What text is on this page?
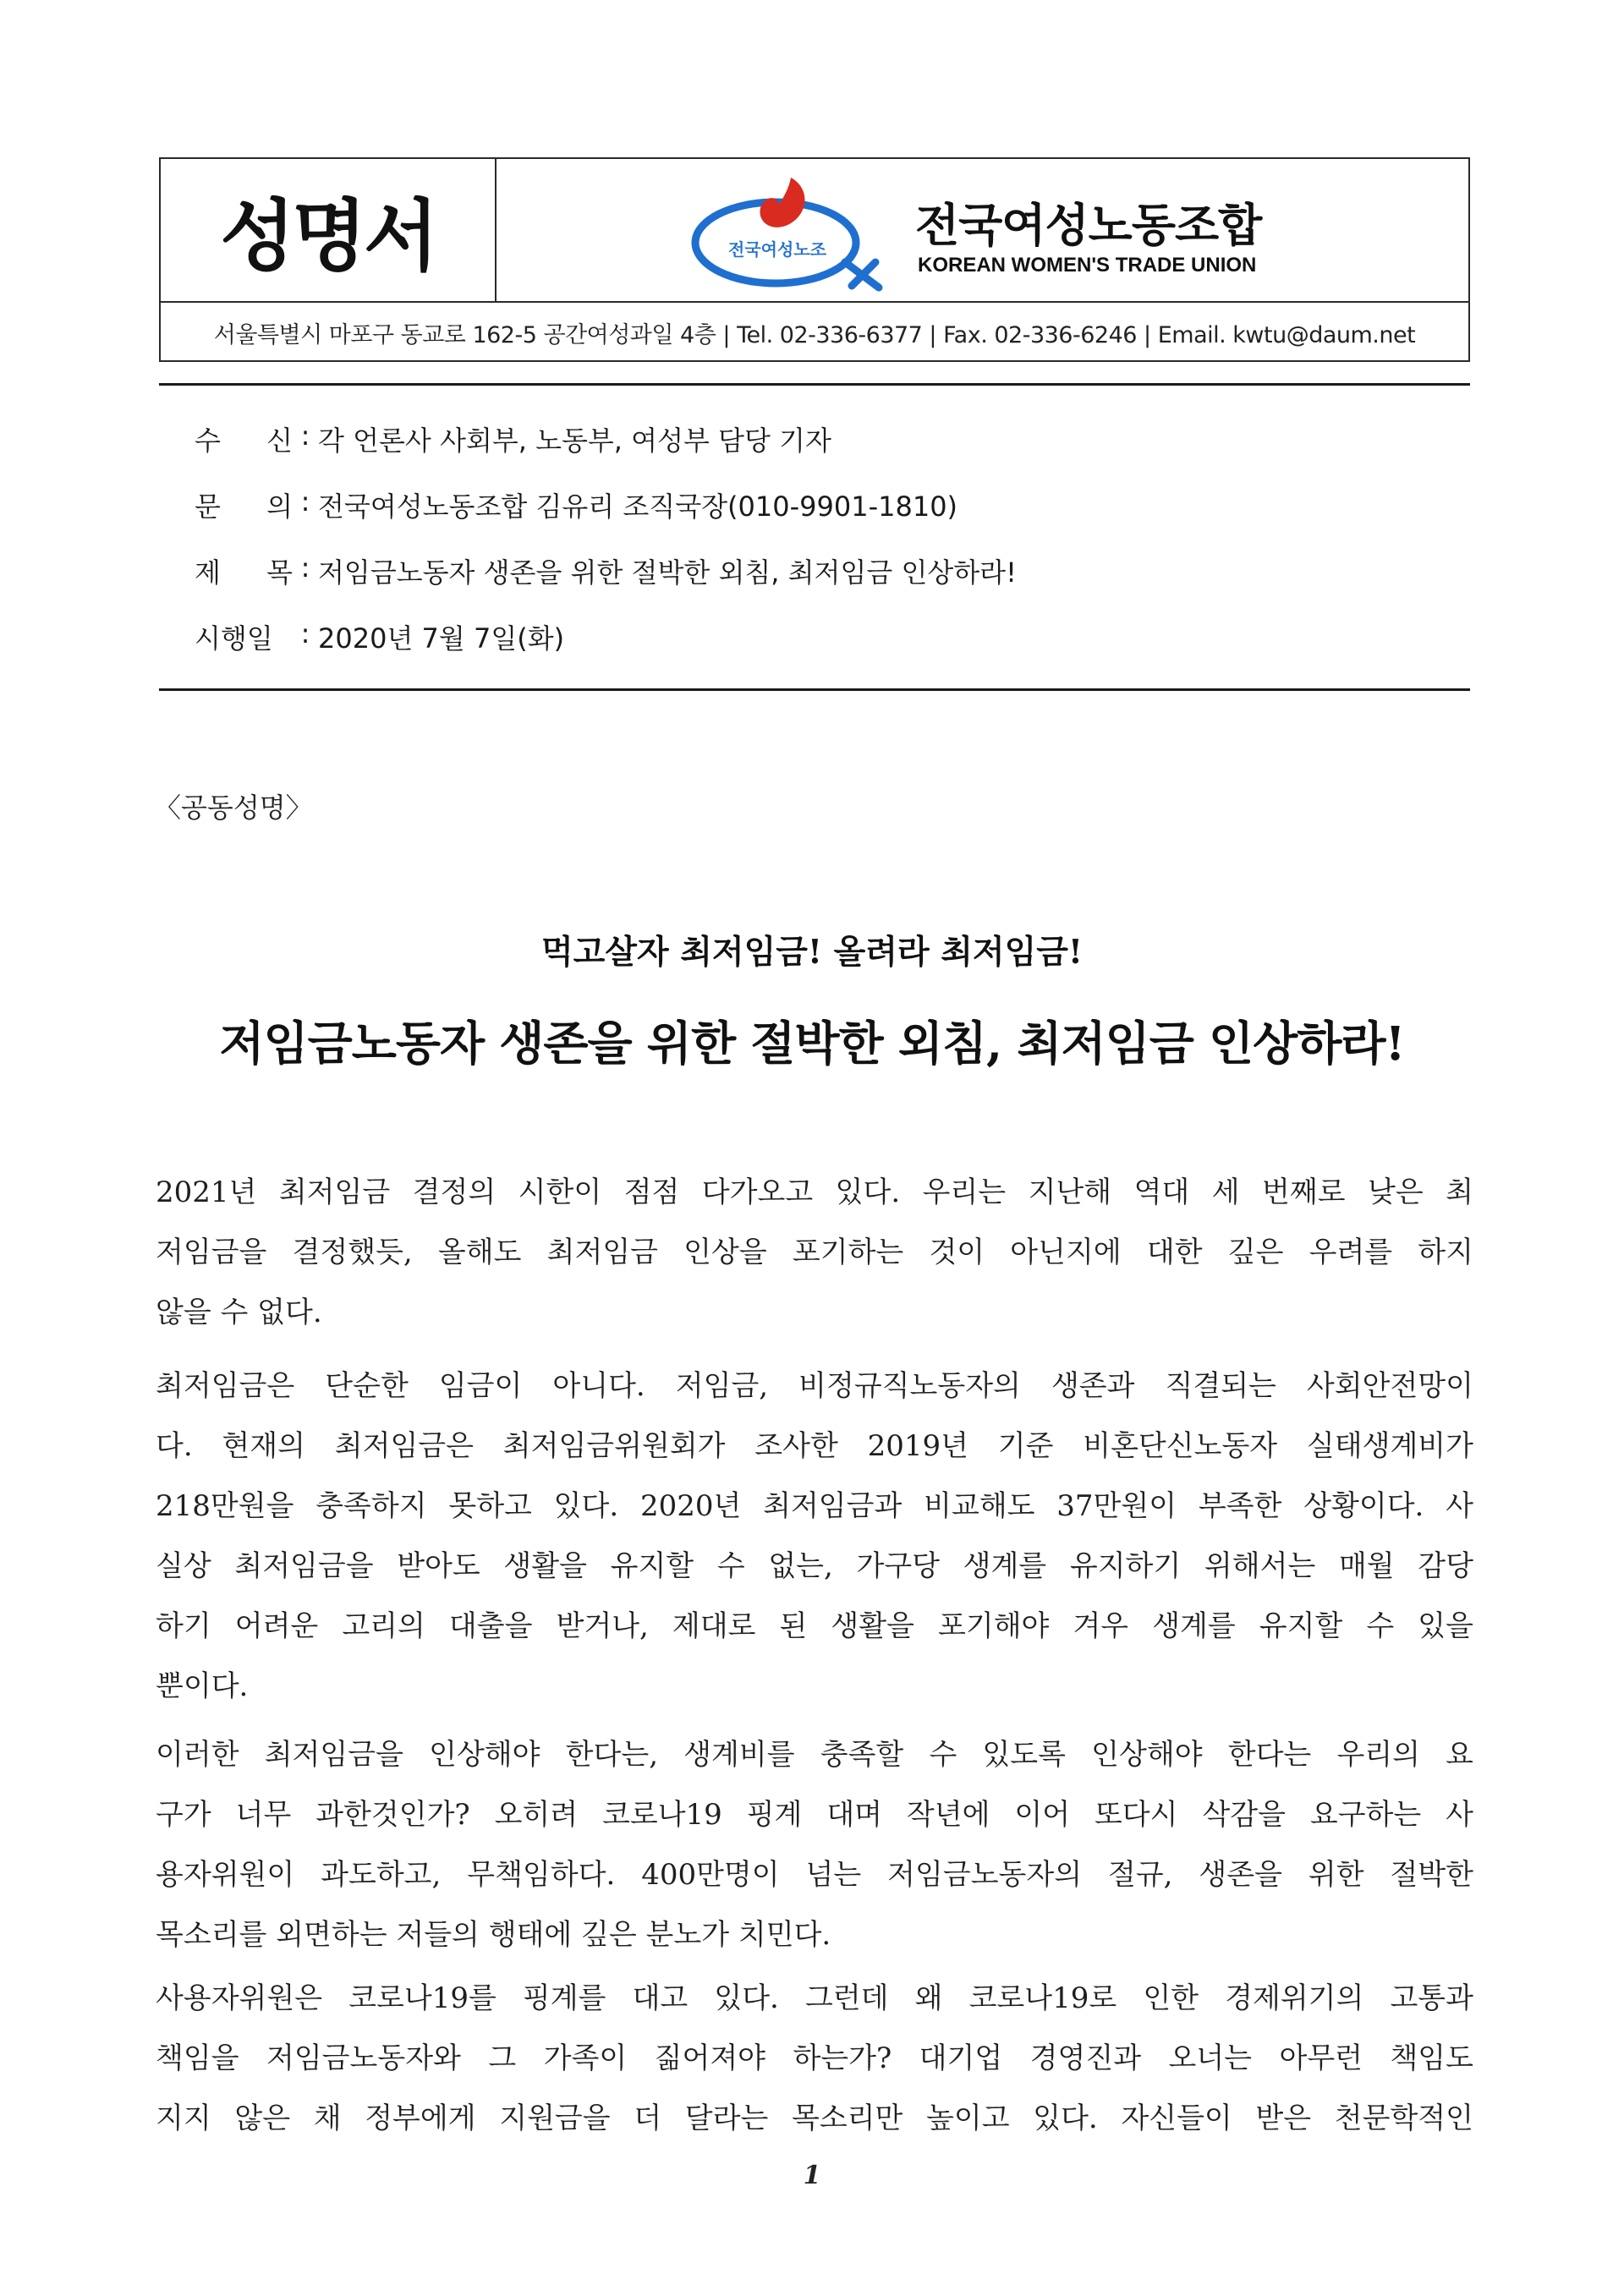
성명서	전국여성노조 전국여성노동조합
KOREAN WOMEN'S TRADE UNION
서울특별시 마포구 동교로 162-5 공간여성과일 4층 | Tel. 02-336-6377 | Fax. 02-336-6246 | Email. kwtu@daum.net
수 신 : 각 언론사 사회부, 노동부, 여성부 담당 기자
문 의 : 전국여성노동조합 김유리 조직국장(010-9901-1810)
제 목 : 저임금노동자 생존을 위한 절박한 외침, 최저임금 인상하라!
시행일	: 2020년 7월 7일(화)
〈공동성명〉
먹고살자 최저임금! 올려라 최저임금!
저임금노동자 생존을 위한 절박한 외침, 최저임금 인상하라!
2021년 최저임금 결정의 시한이 점점 다가오고 있다. 우리는 지난해 역대 세 번째로 낮은 최
저임금을 결정했듯, 올해도 최저임금 인상을 포기하는 것이 아닌지에 대한 깊은 우려를 하지
않을 수 없다.
최저임금은 단순한 임금이 아니다. 저임금, 비정규직노동자의 생존과 직결되는 사회안전망이
다. 현재의 최저임금은 최저임금위원회가 조사한 2019년 기준 비혼단신노동자 실태생계비가
218만원을 충족하지 못하고 있다. 2020년 최저임금과 비교해도 37만원이 부족한 상황이다. 사
실상 최저임금을 받아도 생활을 유지할 수 없는, 가구당 생계를 유지하기 위해서는 매월 감당
하기 어려운 고리의 대출을 받거나, 제대로 된 생활을 포기해야 겨우 생계를 유지할 수 있을
뿐이다.
이러한 최저임금을 인상해야 한다는, 생계비를 충족할 수 있도록 인상해야 한다는 우리의 요
구가 너무 과한것인가? 오히려 코로나19 핑계 대며 작년에 이어 또다시 삭감을 요구하는 사
용자위원이 과도하고, 무책임하다. 400만명이 넘는 저임금노동자의 절규, 생존을 위한 절박한
목소리를 외면하는 저들의 행태에 깊은 분노가 치민다.
사용자위원은 코로나19를 핑계를 대고 있다. 그런데 왜 코로나19로 인한 경제위기의 고통과
책임을 저임금노동자와 그 가족이 짊어져야 하는가? 대기업 경영진과 오너는 아무런 책임도
지지 않은 채 정부에게 지원금을 더 달라는 목소리만 높이고 있다. 자신들이 받은 천문학적인
1
